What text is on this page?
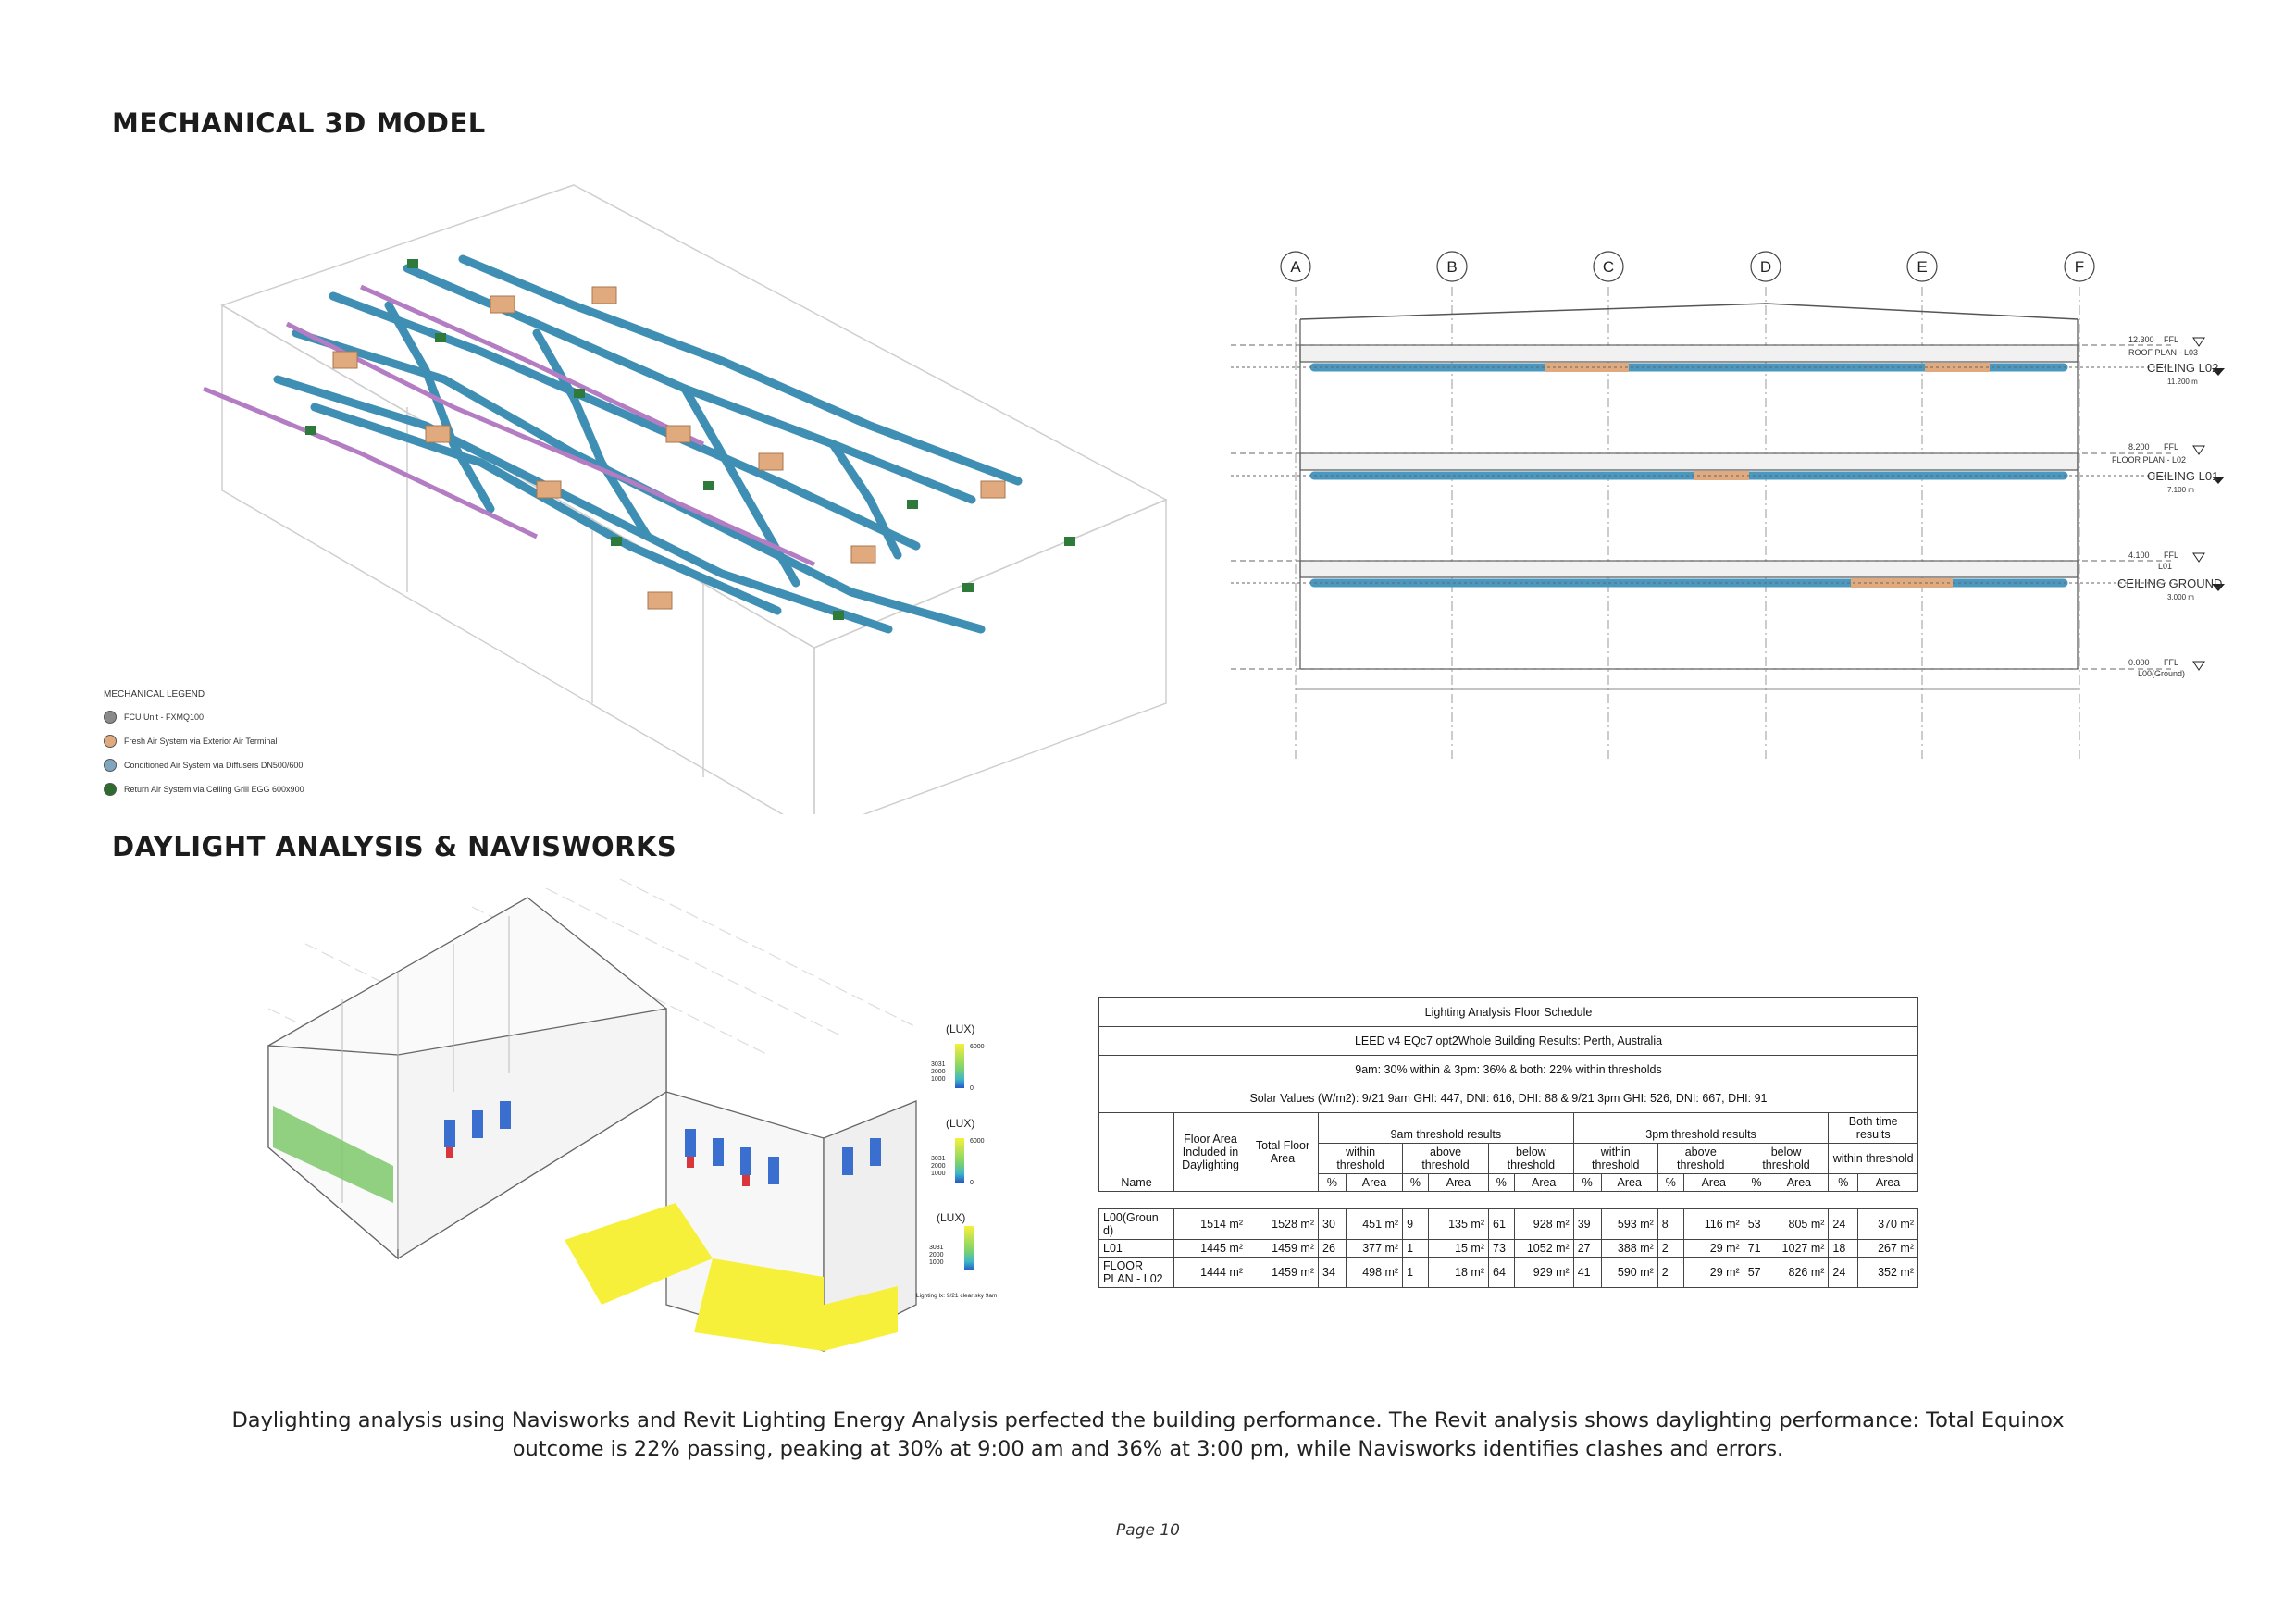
MECHANICAL 3D MODEL
DAYLIGHT ANALYSIS & NAVISWORKS
MECHANICAL LEGEND
FCU Unit - FXMQ100
Fresh Air System via Exterior Air Terminal
Conditioned Air System via Diffusers DN500/600
Return Air System via Ceiling Grill EGG 600x900
A	B	C	D	E	F
12.300 FFL
ROOF PLAN - L03
CEILING L02
11.200 m
8.200 FFL
FLOOR PLAN - L02
CEILING L01
7.100 m
4.100 FFL
L01
CEILING GROUND
3.000 m
0.000 FFL
L00(Ground)
(LUX)
6000
3031
2000
1000
0
(LUX)
6000
3031
2000
1000
0
(LUX)
3031
2000
1000
Lighting lx: 9/21 clear sky 9am
Lighting Analysis Floor Schedule																
LEED v4 EQc7 opt2Whole Building Results: Perth, Australia																
9am: 30% within & 3pm: 36% & both: 22% within thresholds																
Solar Values (W/m2): 9/21 9am GHI: 447, DNI: 616, DHI: 88 & 9/21 3pm GHI: 526, DNI: 667, DHI: 91																
Name	Floor Area Included in Daylighting	Total Floor Area	9am threshold results						3pm threshold results						Both time results	
			within threshold		above threshold		below threshold		within threshold		above threshold		below threshold		within threshold	
			%	Area	%	Area	%	Area	%	Area	%	Area	%	Area	%	Area

L00(Groun d)	1514 m²	1528 m²	30	451 m²	9	135 m²	61	928 m²	39	593 m²	8	116 m²	53	805 m²	24	370 m²
L01	1445 m²	1459 m²	26	377 m²	1	15 m²	73	1052 m²	27	388 m²	2	29 m²	71	1027 m²	18	267 m²
FLOOR PLAN - L02	1444 m²	1459 m²	34	498 m²	1	18 m²	64	929 m²	41	590 m²	2	29 m²	57	826 m²	24	352 m²
Daylighting analysis using Navisworks and Revit Lighting Energy Analysis perfected the building performance. The Revit analysis shows daylighting performance: Total Equinox
outcome is 22% passing, peaking at 30% at 9:00 am and 36% at 3:00 pm, while Navisworks identifies clashes and errors.
Page 10
